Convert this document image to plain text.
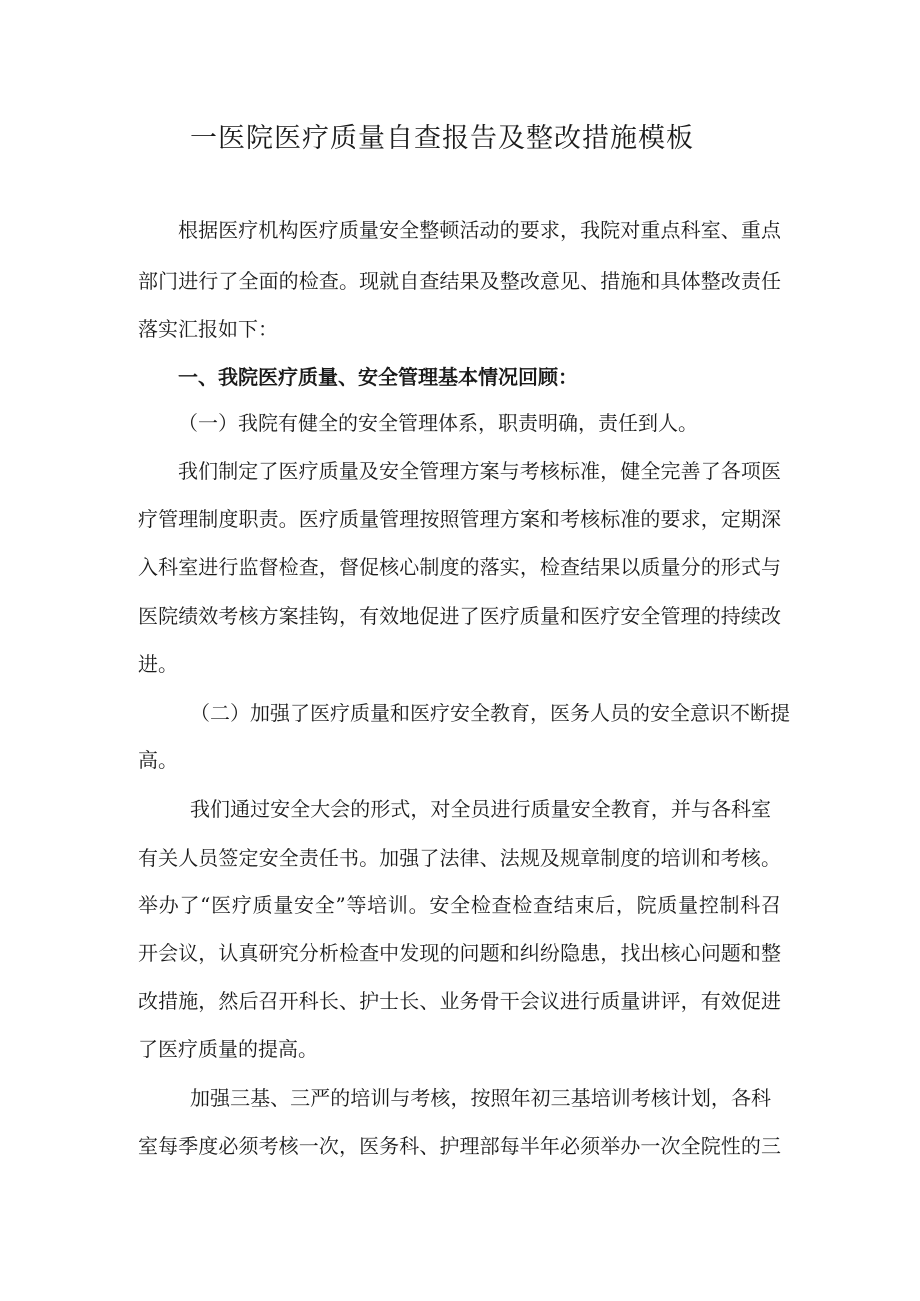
一医院医疗质量自查报告及整改措施模板

根据医疗机构医疗质量安全整顿活动的要求，我院对重点科室、重点

部门进行了全面的检查。现就自查结果及整改意见、措施和具体整改责任

落实汇报如下：

一、我院医疗质量、安全管理基本情况回顾：

（一）我院有健全的安全管理体系，职责明确，责任到人。

我们制定了医疗质量及安全管理方案与考核标准，健全完善了各项医

疗管理制度职责。医疗质量管理按照管理方案和考核标准的要求，定期深

入科室进行监督检查，督促核心制度的落实，检查结果以质量分的形式与

医院绩效考核方案挂钩，有效地促进了医疗质量和医疗安全管理的持续改

进。

（二）加强了医疗质量和医疗安全教育，医务人员的安全意识不断提

高。

我们通过安全大会的形式，对全员进行质量安全教育，并与各科室

有关人员签定安全责任书。加强了法律、法规及规章制度的培训和考核。

举办了“医疗质量安全”等培训。安全检查检查结束后，院质量控制科召

开会议，认真研究分析检查中发现的问题和纠纷隐患，找出核心问题和整

改措施，然后召开科长、护士长、业务骨干会议进行质量讲评，有效促进

了医疗质量的提高。

加强三基、三严的培训与考核，按照年初三基培训考核计划，各科

室每季度必须考核一次，医务科、护理部每半年必须举办一次全院性的三
